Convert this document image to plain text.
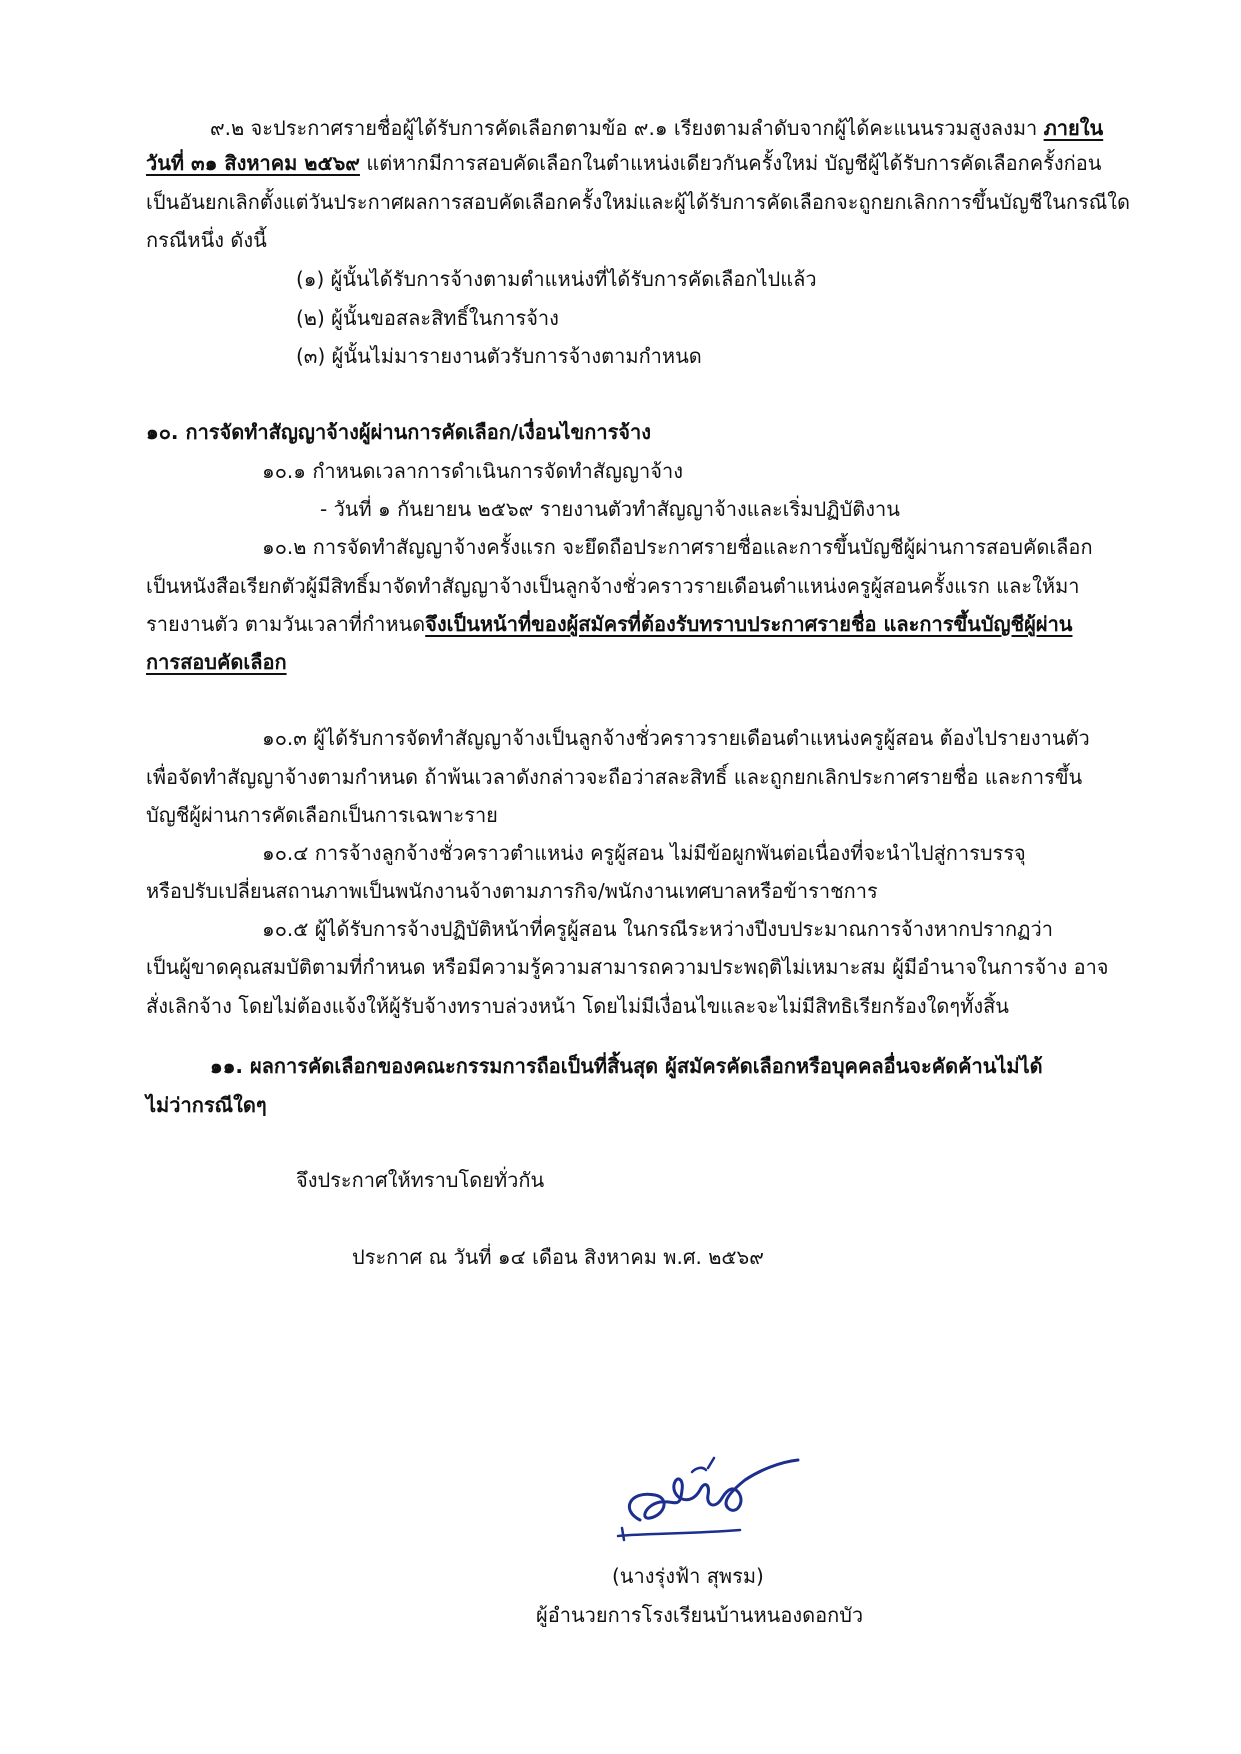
๙.๒ จะประกาศรายชื่อผู้ได้รับการคัดเลือกตามข้อ ๙.๑ เรียงตามลำดับจากผู้ได้คะแนนรวมสูงลงมา ภายใน
วันที่ ๓๑ สิงหาคม ๒๕๖๙ แต่หากมีการสอบคัดเลือกในตำแหน่งเดียวกันครั้งใหม่ บัญชีผู้ได้รับการคัดเลือกครั้งก่อน
เป็นอันยกเลิกตั้งแต่วันประกาศผลการสอบคัดเลือกครั้งใหม่และผู้ได้รับการคัดเลือกจะถูกยกเลิกการขึ้นบัญชีในกรณีใด
กรณีหนึ่ง ดังนี้
(๑) ผู้นั้นได้รับการจ้างตามตำแหน่งที่ได้รับการคัดเลือกไปแล้ว
(๒) ผู้นั้นขอสละสิทธิ์ในการจ้าง
(๓) ผู้นั้นไม่มารายงานตัวรับการจ้างตามกำหนด
๑๐. การจัดทำสัญญาจ้างผู้ผ่านการคัดเลือก/เงื่อนไขการจ้าง
๑๐.๑ กำหนดเวลาการดำเนินการจัดทำสัญญาจ้าง
- วันที่ ๑ กันยายน ๒๕๖๙ รายงานตัวทำสัญญาจ้างและเริ่มปฏิบัติงาน
๑๐.๒ การจัดทำสัญญาจ้างครั้งแรก จะยึดถือประกาศรายชื่อและการขึ้นบัญชีผู้ผ่านการสอบคัดเลือก
เป็นหนังสือเรียกตัวผู้มีสิทธิ์มาจัดทำสัญญาจ้างเป็นลูกจ้างชั่วคราวรายเดือนตำแหน่งครูผู้สอนครั้งแรก และให้มา
รายงานตัว ตามวันเวลาที่กำหนดจึงเป็นหน้าที่ของผู้สมัครที่ต้องรับทราบประกาศรายชื่อ และการขึ้นบัญชีผู้ผ่าน
การสอบคัดเลือก
๑๐.๓ ผู้ได้รับการจัดทำสัญญาจ้างเป็นลูกจ้างชั่วคราวรายเดือนตำแหน่งครูผู้สอน ต้องไปรายงานตัว
เพื่อจัดทำสัญญาจ้างตามกำหนด ถ้าพ้นเวลาดังกล่าวจะถือว่าสละสิทธิ์ และถูกยกเลิกประกาศรายชื่อ และการขึ้น
บัญชีผู้ผ่านการคัดเลือกเป็นการเฉพาะราย
๑๐.๔ การจ้างลูกจ้างชั่วคราวตำแหน่ง ครูผู้สอน ไม่มีข้อผูกพันต่อเนื่องที่จะนำไปสู่การบรรจุ
หรือปรับเปลี่ยนสถานภาพเป็นพนักงานจ้างตามภารกิจ/พนักงานเทศบาลหรือข้าราชการ
๑๐.๕ ผู้ได้รับการจ้างปฏิบัติหน้าที่ครูผู้สอน ในกรณีระหว่างปีงบประมาณการจ้างหากปรากฏว่า
เป็นผู้ขาดคุณสมบัติตามที่กำหนด หรือมีความรู้ความสามารถความประพฤติไม่เหมาะสม ผู้มีอำนาจในการจ้าง อาจ
สั่งเลิกจ้าง โดยไม่ต้องแจ้งให้ผู้รับจ้างทราบล่วงหน้า โดยไม่มีเงื่อนไขและจะไม่มีสิทธิเรียกร้องใดๆทั้งสิ้น
๑๑. ผลการคัดเลือกของคณะกรรมการถือเป็นที่สิ้นสุด ผู้สมัครคัดเลือกหรือบุคคลอื่นจะคัดค้านไม่ได้
ไม่ว่ากรณีใดๆ
จึงประกาศให้ทราบโดยทั่วกัน
ประกาศ ณ วันที่ ๑๔ เดือน สิงหาคม พ.ศ. ๒๕๖๙
(นางรุ่งฟ้า สุพรม)
ผู้อำนวยการโรงเรียนบ้านหนองดอกบัว
